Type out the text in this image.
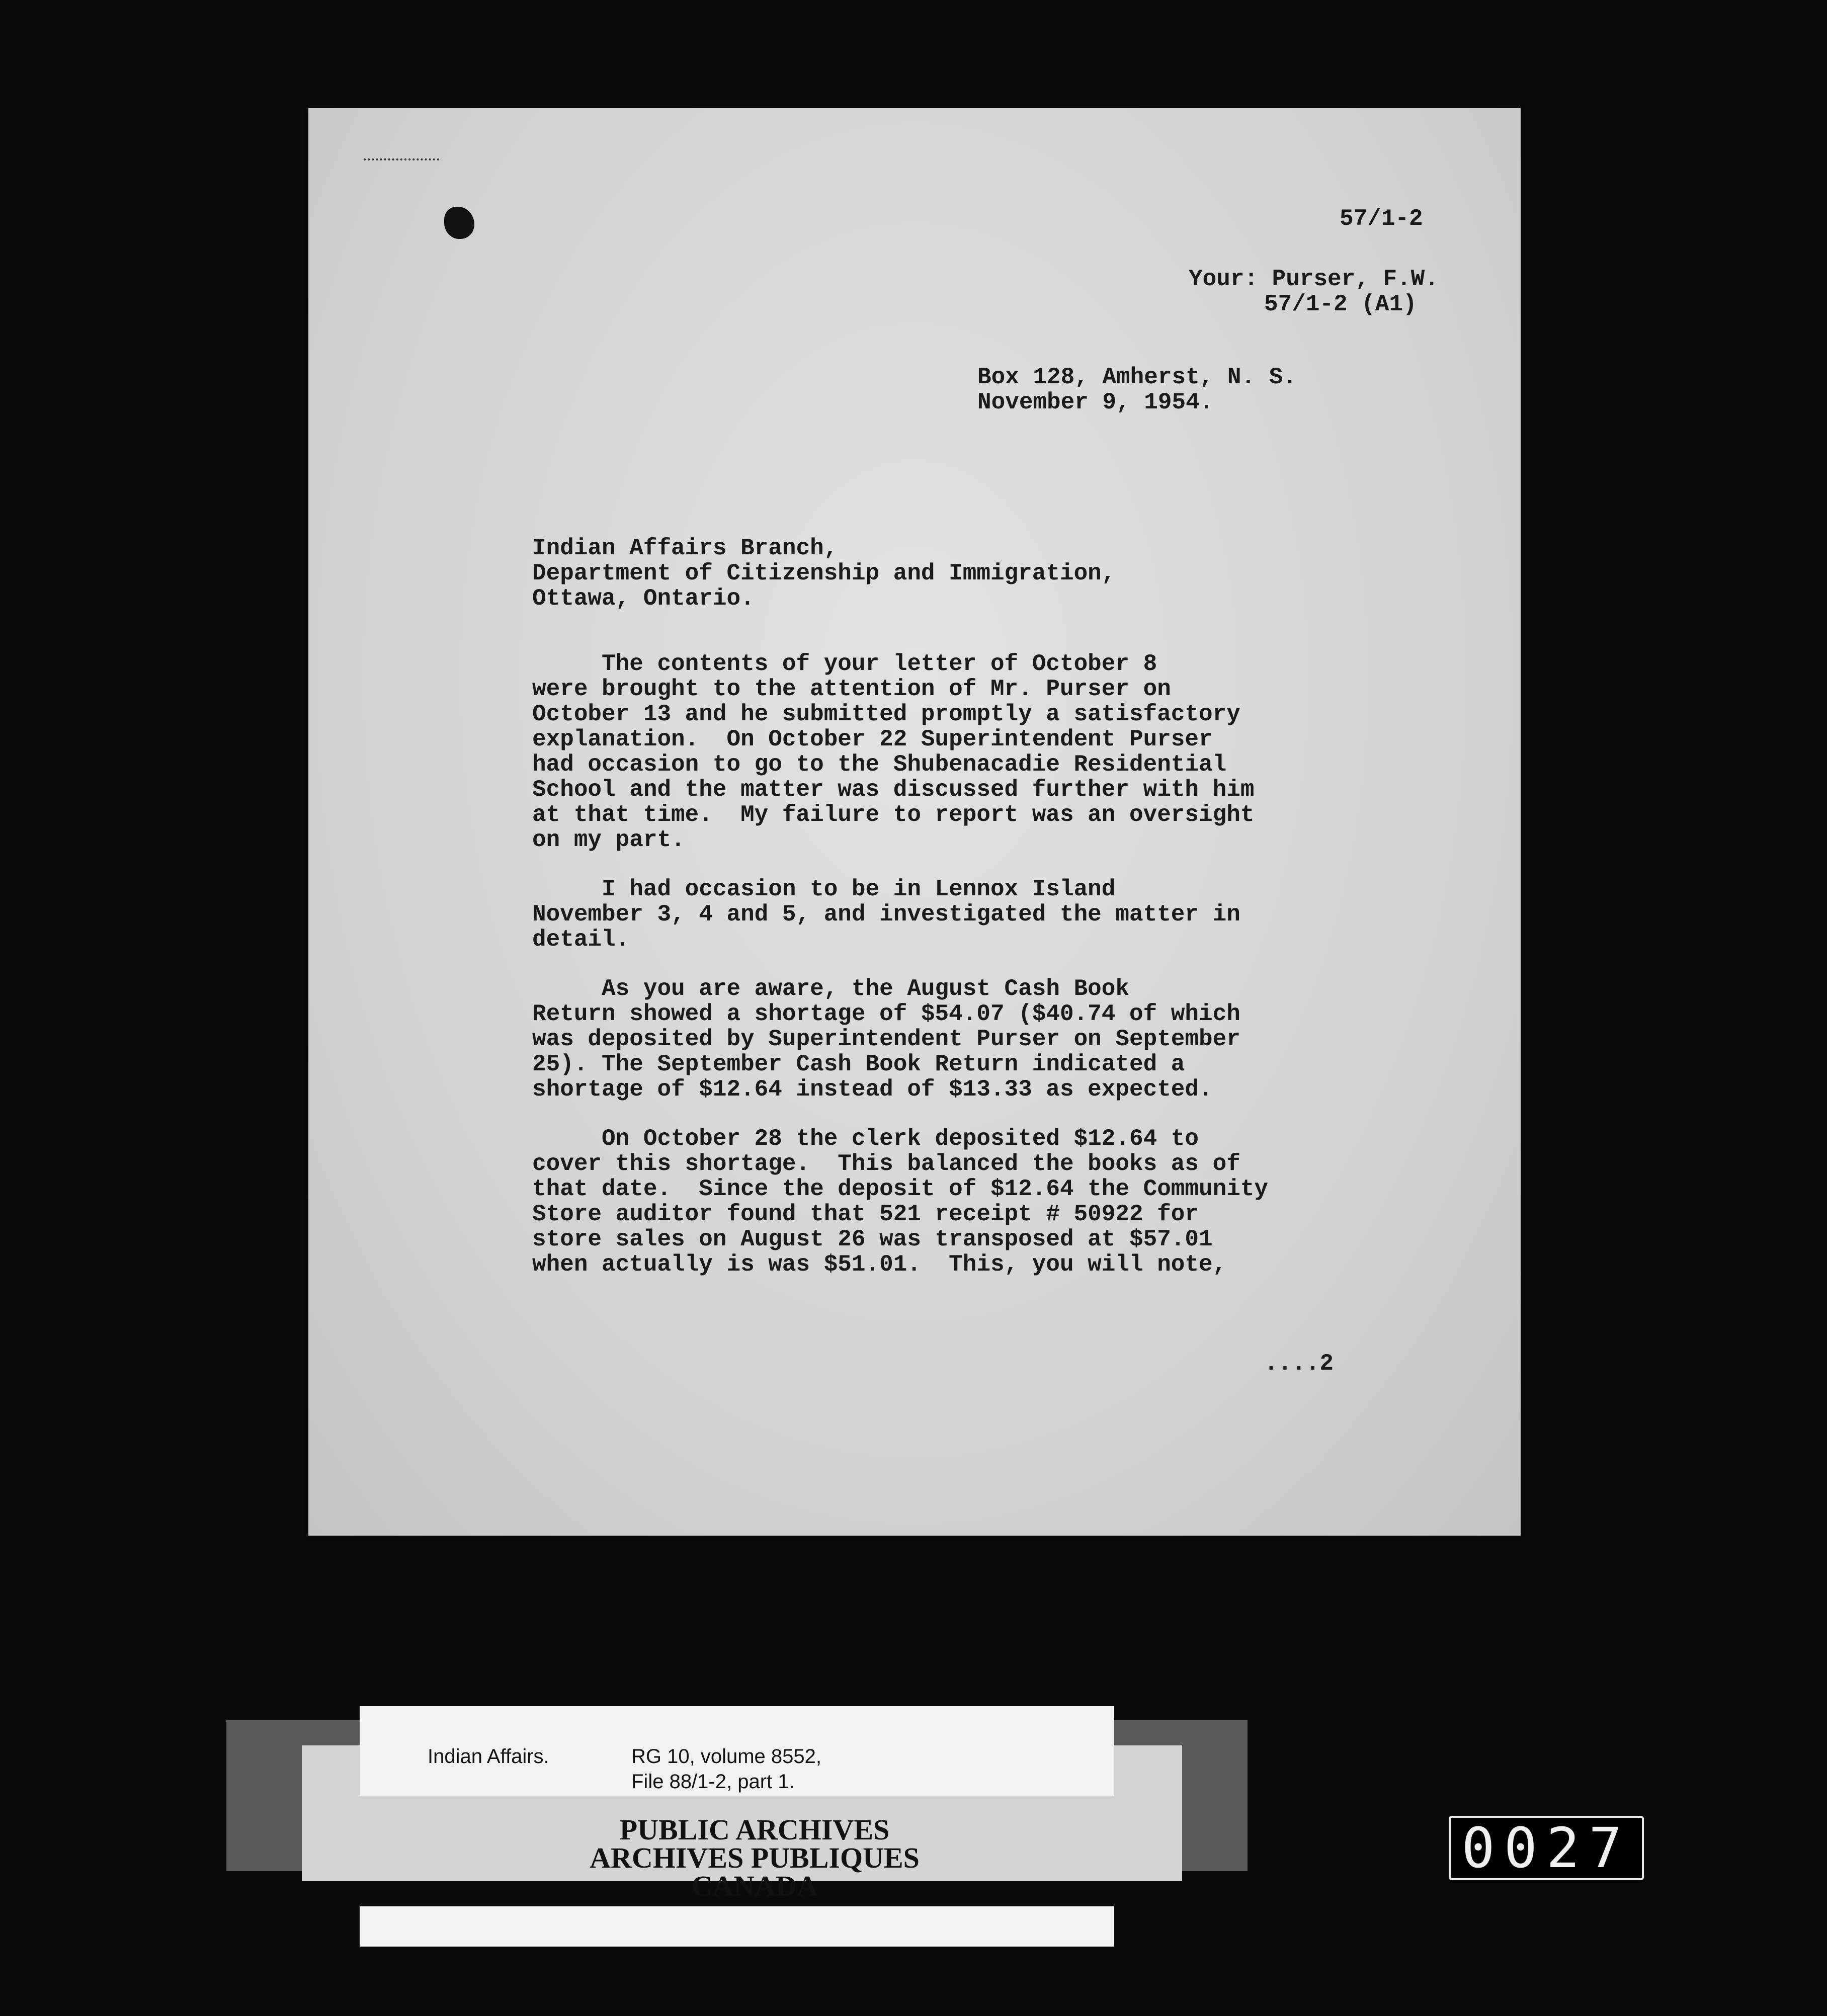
57/1-2
Your: Purser, F.W.
57/1-2 (A1)
Box 128, Amherst, N. S.
November 9, 1954.
Indian Affairs Branch,
Department of Citizenship and Immigration,
Ottawa, Ontario.
The contents of your letter of October 8
were brought to the attention of Mr. Purser on
October 13 and he submitted promptly a satisfactory
explanation.  On October 22 Superintendent Purser
had occasion to go to the Shubenacadie Residential
School and the matter was discussed further with him
at that time.  My failure to report was an oversight
on my part.
I had occasion to be in Lennox Island
November 3, 4 and 5, and investigated the matter in
detail.
As you are aware, the August Cash Book
Return showed a shortage of $54.07 ($40.74 of which
was deposited by Superintendent Purser on September
25). The September Cash Book Return indicated a
shortage of $12.64 instead of $13.33 as expected.
On October 28 the clerk deposited $12.64 to
cover this shortage.  This balanced the books as of
that date.  Since the deposit of $12.64 the Community
Store auditor found that 521 receipt # 50922 for
store sales on August 26 was transposed at $57.01
when actually is was $51.01.  This, you will note,
....2
Indian Affairs.	RG 10, volume 8552,
File 88/1-2, part 1.
PUBLIC ARCHIVES
ARCHIVES PUBLIQUES
CANADA
0027
